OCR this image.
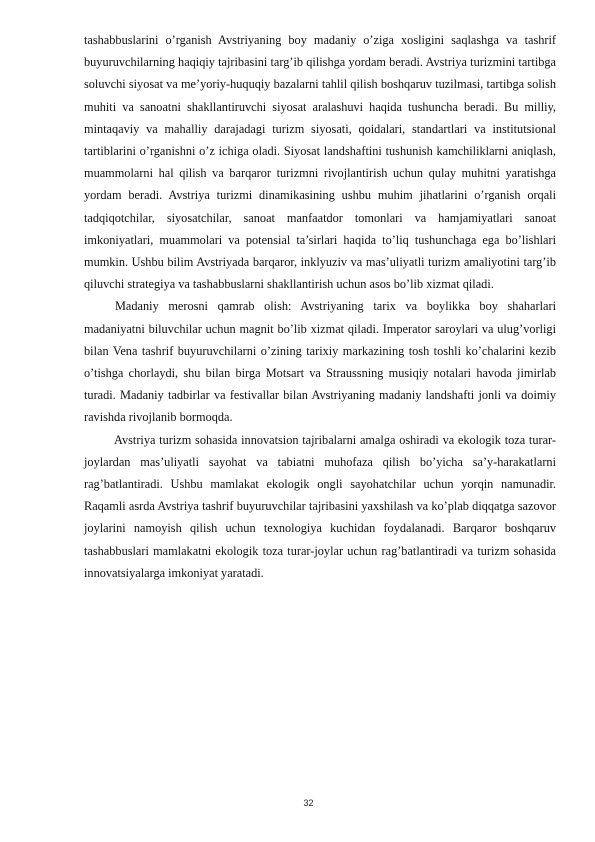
tashabbuslarini o’rganish Avstriyaning boy madaniy o’ziga xosligini saqlashga va tashrif buyuruvchilarning haqiqiy tajribasini targ’ib qilishga yordam beradi. Avstriya turizmini tartibga soluvchi siyosat va me’yoriy-huquqiy bazalarni tahlil qilish boshqaruv tuzilmasi, tartibga solish muhiti va sanoatni shakllantiruvchi siyosat aralashuvi haqida tushuncha beradi. Bu milliy, mintaqaviy va mahalliy darajadagi turizm siyosati, qoidalari, standartlari va institutsional tartiblarini o’rganishni o’z ichiga oladi. Siyosat landshaftini tushunish kamchiliklarni aniqlash, muammolarni hal qilish va barqaror turizmni rivojlantirish uchun qulay muhitni yaratishga yordam beradi. Avstriya turizmi dinamikasining ushbu muhim jihatlarini o’rganish orqali tadqiqotchilar, siyosatchilar, sanoat manfaatdor tomonlari va hamjamiyatlari sanoat imkoniyatlari, muammolari va potensial ta’sirlari haqida to’liq tushunchaga ega bo’lishlari mumkin. Ushbu bilim Avstriyada barqaror, inklyuziv va mas’uliyatli turizm amaliyotini targ’ib qiluvchi strategiya va tashabbuslarni shakllantirish uchun asos bo’lib xizmat qiladi.

Madaniy merosni qamrab olish: Avstriyaning tarix va boylikka boy shaharlari madaniyatni biluvchilar uchun magnit bo’lib xizmat qiladi. Imperator saroylari va ulug’vorligi bilan Vena tashrif buyuruvchilarni o’zining tarixiy markazining tosh toshli ko’chalarini kezib o’tishga chorlaydi, shu bilan birga Motsart va Straussning musiqiy notalari havoda jimirlab turadi. Madaniy tadbirlar va festivallar bilan Avstriyaning madaniy landshafti jonli va doimiy ravishda rivojlanib bormoqda.

Avstriya turizm sohasida innovatsion tajribalarni amalga oshiradi va ekologik toza turar-joylardan mas’uliyatli sayohat va tabiatni muhofaza qilish bo’yicha sa’y-harakatlarni rag’batlantiradi. Ushbu mamlakat ekologik ongli sayohatchilar uchun yorqin namunadir. Raqamli asrda Avstriya tashrif buyuruvchilar tajribasini yaxshilash va ko’plab diqqatga sazovor joylarini namoyish qilish uchun texnologiya kuchidan foydalanadi. Barqaror boshqaruv tashabbuslari mamlakatni ekologik toza turar-joylar uchun rag’batlantiradi va turizm sohasida innovatsiyalarga imkoniyat yaratadi.

32
